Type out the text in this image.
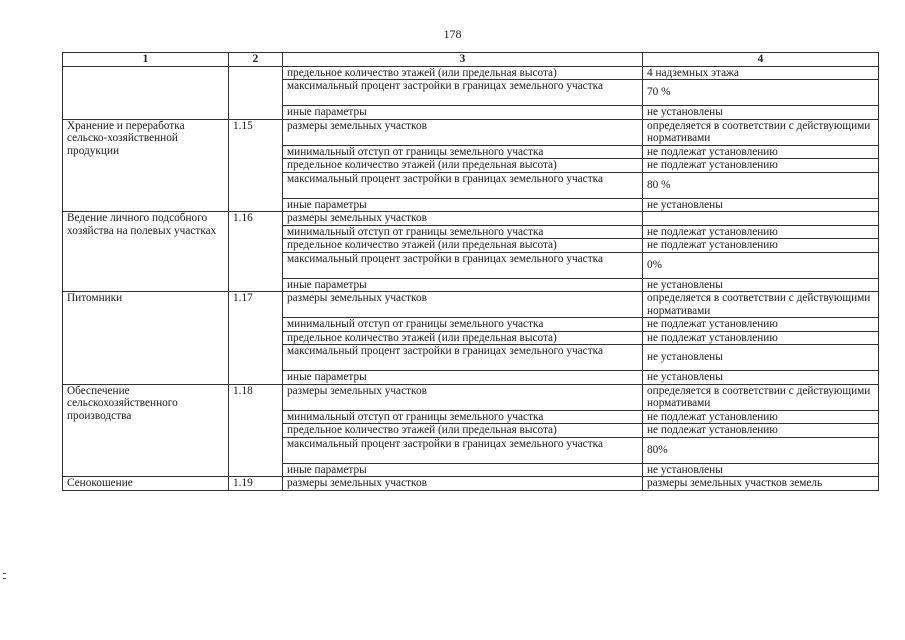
178
1	2	3	4
		предельное количество этажей (или предельная высота)	4 надземных этажа
		максимальный процент застройки в границах земельного участка	70 %
		иные параметры	не установлены
Хранение и переработка сельско-хозяйственной продукции	1.15	размеры земельных участков	определяется в соответствии с действующими нормативами
		минимальный отступ от границы земельного участка	не подлежат установлению
		предельное количество этажей (или предельная высота)	не подлежат установлению
		максимальный процент застройки в границах земельного участка	80 %
		иные параметры	не установлены
Ведение личного подсобного хозяйства на полевых участках	1.16	размеры земельных участков	
		минимальный отступ от границы земельного участка	не подлежат установлению
		предельное количество этажей (или предельная высота)	не подлежат установлению
		максимальный процент застройки в границах земельного участка	0%
		иные параметры	не установлены
Питомники	1.17	размеры земельных участков	определяется в соответствии с действующими нормативами
		минимальный отступ от границы земельного участка	не подлежат установлению
		предельное количество этажей (или предельная высота)	не подлежат установлению
		максимальный процент застройки в границах земельного участка	не установлены
		иные параметры	не установлены
Обеспечение сельскохозяйственного производства	1.18	размеры земельных участков	определяется в соответствии с действующими нормативами
		минимальный отступ от границы земельного участка	не подлежат установлению
		предельное количество этажей (или предельная высота)	не подлежат установлению
		максимальный процент застройки в границах земельного участка	80%
		иные параметры	не установлены
Сенокошение	1.19	размеры земельных участков	размеры земельных участков земель
